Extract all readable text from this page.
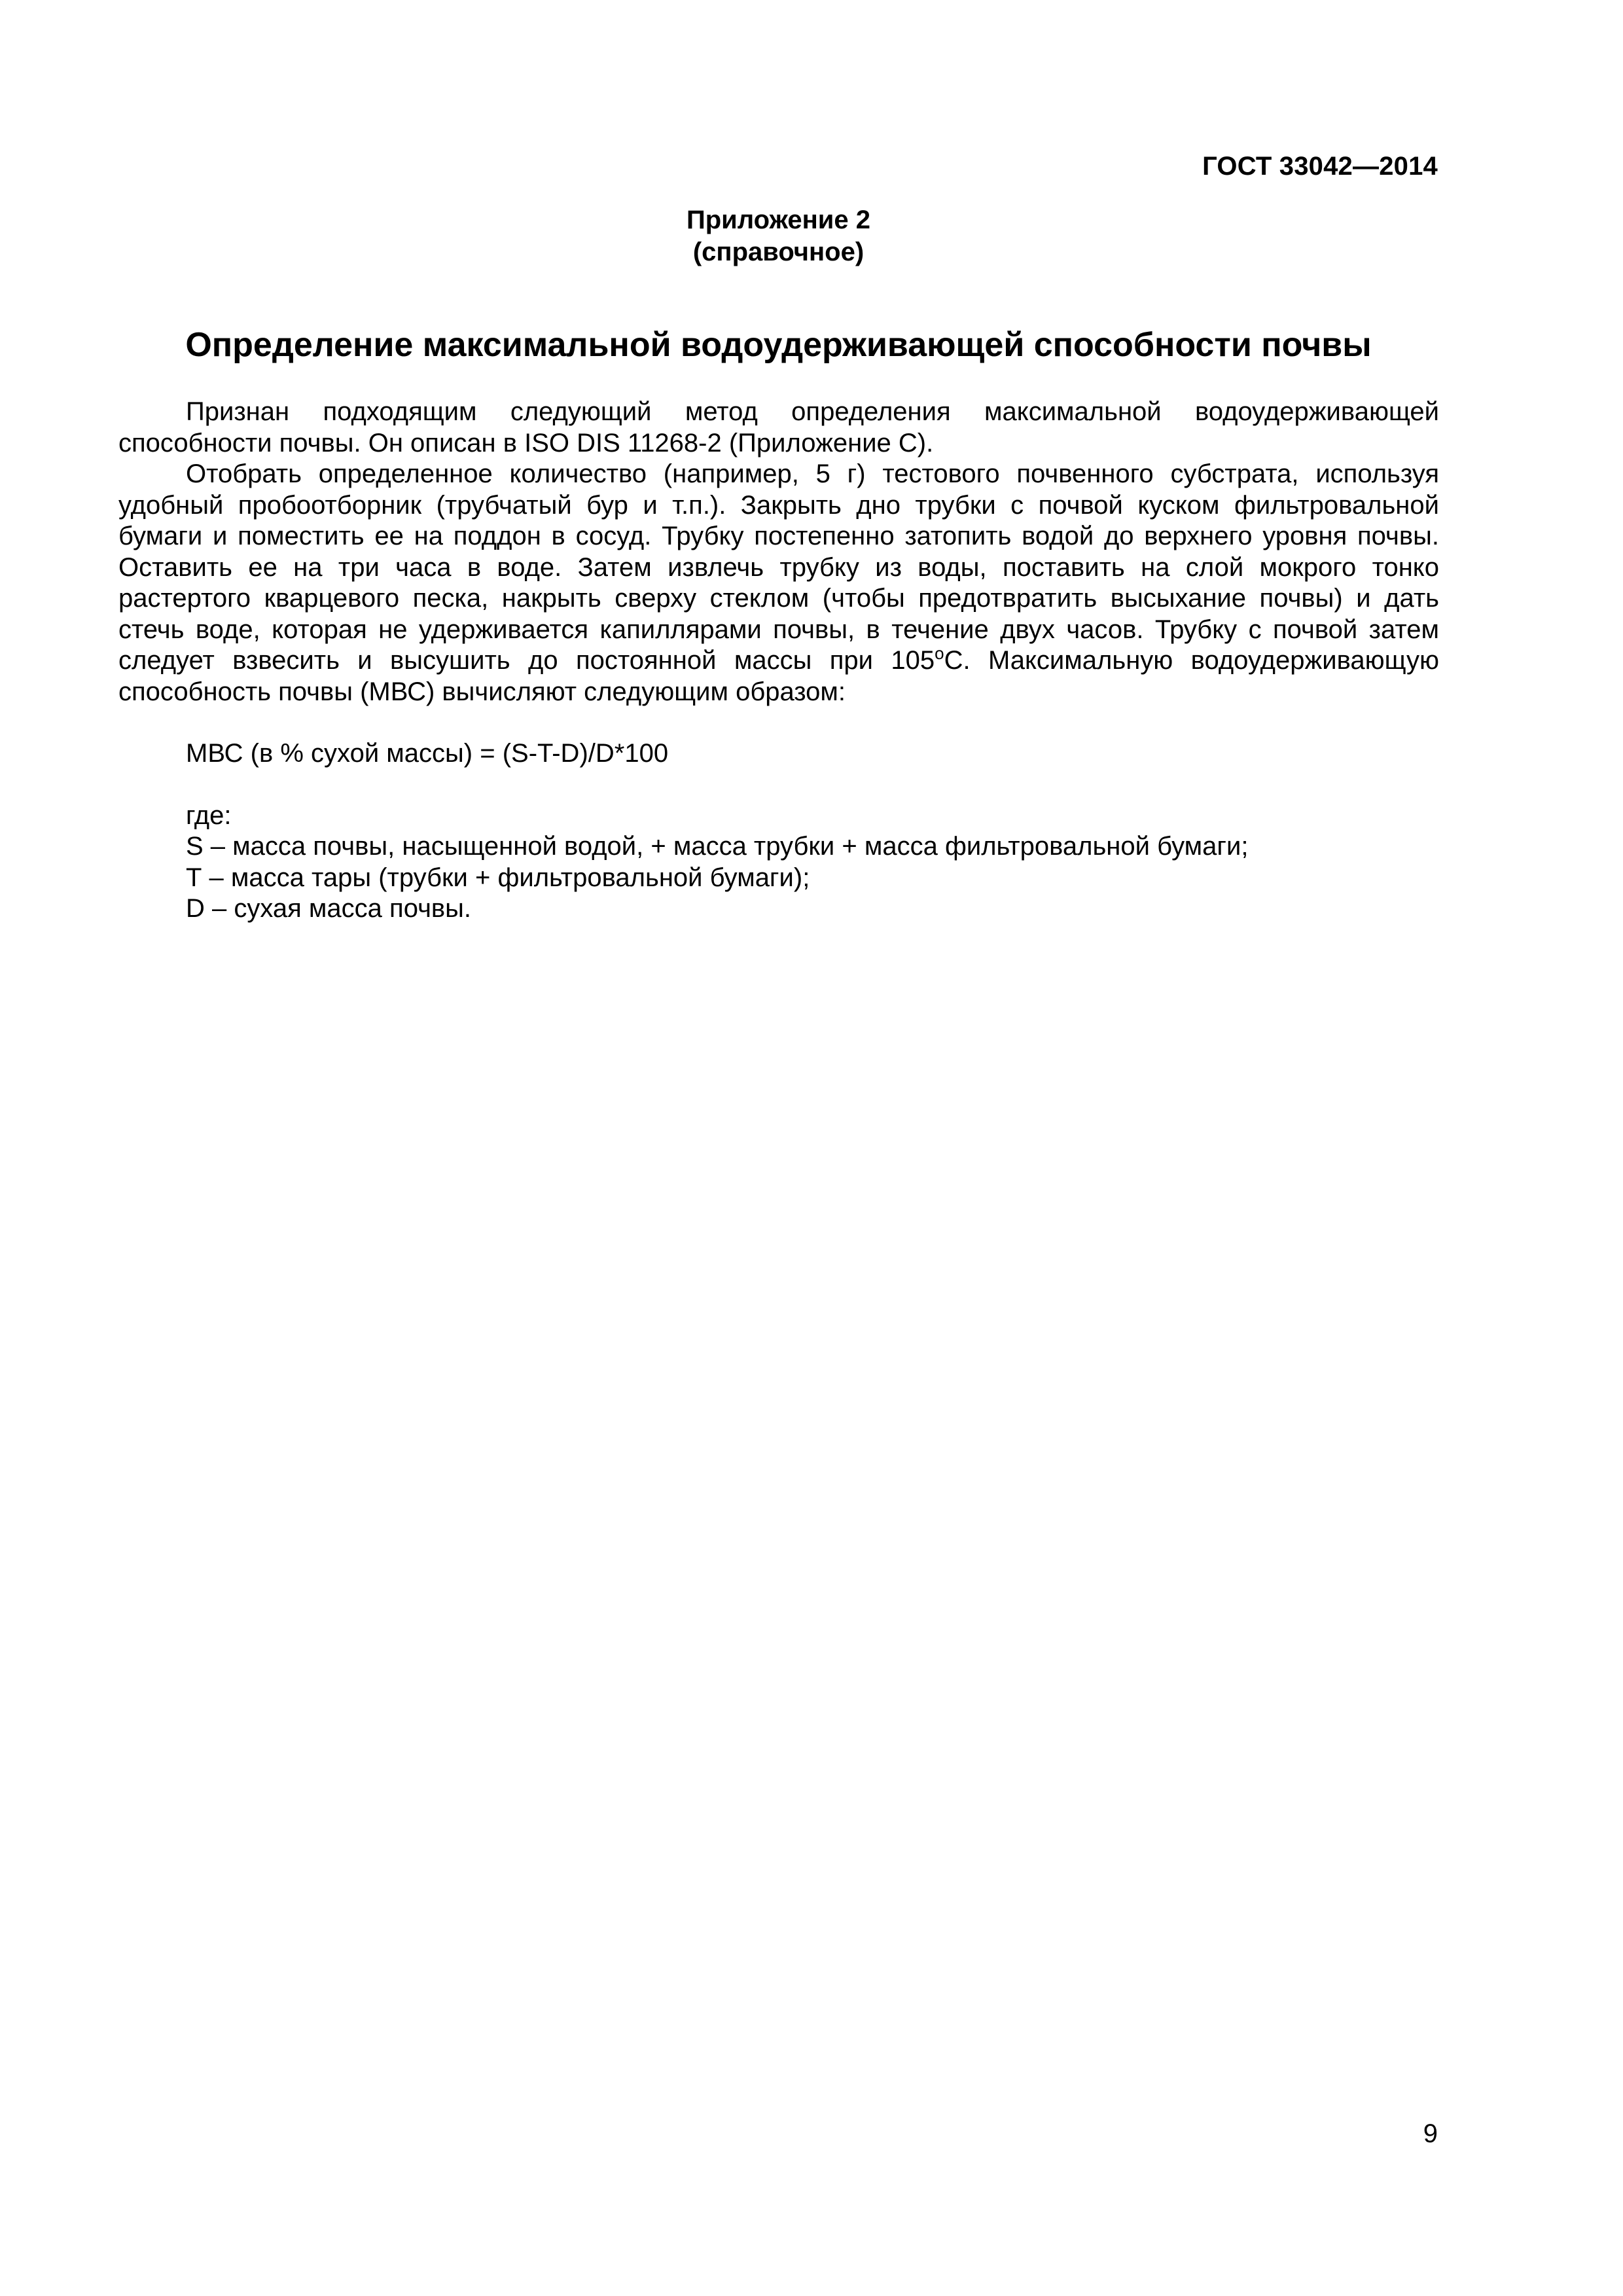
ГОСТ 33042—2014
Приложение 2
(справочное)
Определение максимальной водоудерживающей способности почвы

Признан подходящим следующий метод определения максимальной водоудерживающей способности почвы. Он описан в ISO DIS 11268-2 (Приложение C).

Отобрать определенное количество (например, 5 г) тестового почвенного субстрата, используя удобный пробоотборник (трубчатый бур и т.п.). Закрыть дно трубки с почвой куском фильтровальной бумаги и поместить ее на поддон в сосуд. Трубку постепенно затопить водой до верхнего уровня почвы. Оставить ее на три часа в воде. Затем извлечь трубку из воды, поставить на слой мокрого тонко растертого кварцевого песка, накрыть сверху стеклом (чтобы предотвратить высыхание почвы) и дать стечь воде, которая не удерживается капиллярами почвы, в течение двух часов. Трубку с почвой затем следует взвесить и высушить до постоянной массы при 105$^o$C. Максимальную водоудерживающую способность почвы (МВС) вычисляют следующим образом:

МВС (в % сухой массы) = (S-T-D)/D*100
где:
S – масса почвы, насыщенной водой, + масса трубки + масса фильтровальной бумаги;
Т – масса тары (трубки + фильтровальной бумаги);
D – сухая масса почвы.
9
